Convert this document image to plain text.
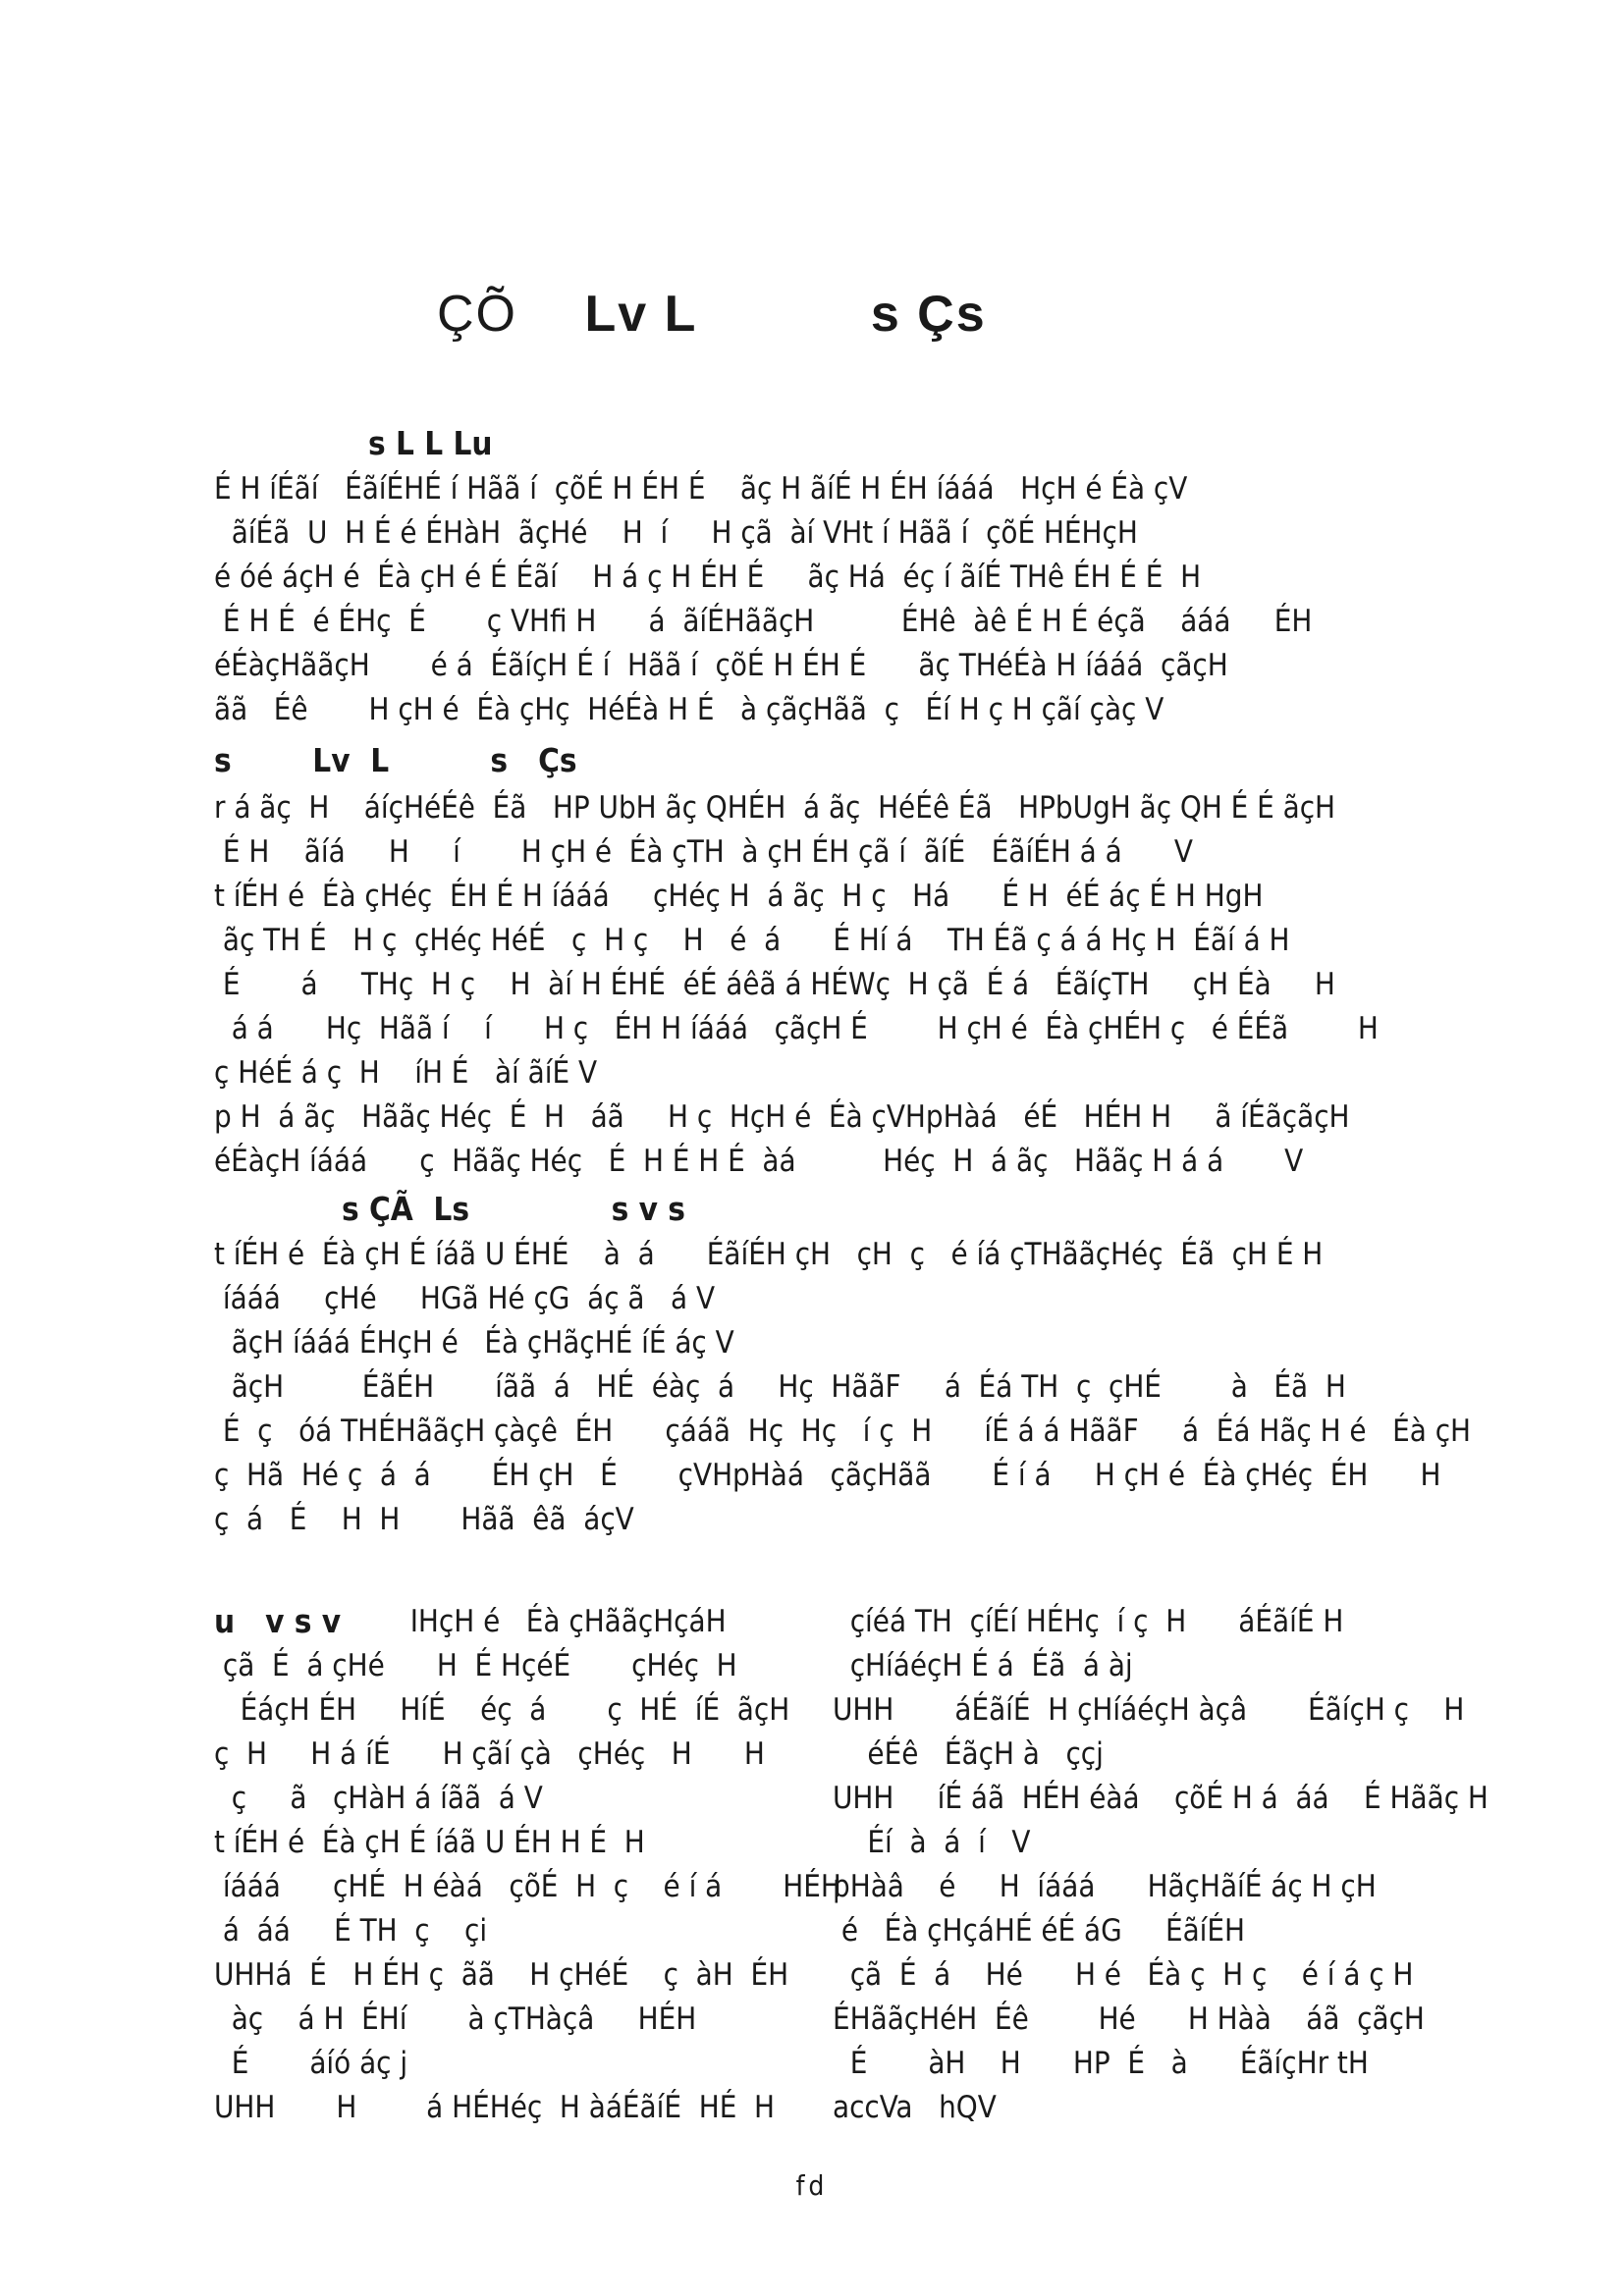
ÇÕ Lv L	s Çs
s L L Lu
É H íÉãí   ÉãíÉHÉ í Hãã í  çõÉ H ÉH É    ãç H ãíÉ H ÉH íááá   HçH é Éà çV
ãíÉã  U  H É é ÉHàH  ãçHé    H  í     H çã  àí VHt í Hãã í  çõÉ HÉHçH
é óé áçH é  Éà çH é É Éãí    H á ç H ÉH É     ãç Há  éç í ãíÉ THê ÉH É É  H
É H É  é ÉHç  É       ç VHfi H      á  ãíÉHããçH          ÉHê  àê É H É éçã    ááá     ÉH
éÉàçHããçH       é á  ÉãíçH É í  Hãã í  çõÉ H ÉH É      ãç THéÉà H íááá  çãçH
ãã   Éê       H çH é  Éà çHç  HéÉà H É   à çãçHãã  ç   Éí H ç H çãí çàç V
s        Lv  L          s   Çs
r á ãç  H    áíçHéÉê  Éã   HP UbH ãç QHÉH  á ãç  HéÉê Éã   HPbUgH ãç QH É É ãçH
É H    ãíá     H     í       H çH é  Éà çTH  à çH ÉH çã í  ãíÉ   ÉãíÉH á á      V
t íÉH é  Éà çHéç  ÉH É H íááá     çHéç H  á ãç  H ç   Há      É H  éÉ áç É H HgH
ãç TH É   H ç  çHéç HéÉ   ç  H ç    H   é  á      É Hí á    TH Éã ç á á Hç H  Éãí á H
É       á     THç  H ç    H  àí H ÉHÉ  éÉ áêã á HÉWç  H çã  É á   ÉãíçTH     çH Éà     H
á á      Hç  Hãã í    í      H ç   ÉH H íááá   çãçH É        H çH é  Éà çHÉH ç   é ÉÉã        H
ç HéÉ á ç  H    íH É   àí ãíÉ V
p H  á ãç   Hããç Héç  É  H   áã     H ç  HçH é  Éà çVHpHàá   éÉ   HÉH H     ã íÉãçãçH
éÉàçH íááá      ç  Hããç Héç   É  H É H É  àá          Héç  H  á ãç   Hããç H á á       V
s ÇÃ  Ls              s v s
t íÉH é  Éà çH É íáã U ÉHÉ    à  á      ÉãíÉH çH   çH  ç   é íá çTHããçHéç  Éã  çH É H
íááá     çHé     HGã Hé çG  áç ã   á V
ãçH íááá ÉHçH é   Éà çHãçHÉ íÉ áç V
ãçH         ÉãÉH       íãã  á   HÉ  éàç  á     Hç  HããF     á  Éá TH  ç  çHÉ        à   Éã  H
É  ç   óá THÉHããçH çàçê  ÉH      çááã  Hç  Hç   í ç  H      íÉ á á HããF     á  Éá Hãç H é   Éà çH
ç  Hã  Hé ç  á  á       ÉH çH   É       çVHpHàá   çãçHãã       É í á     H çH é  Éà çHéç  ÉH      H
ç  á   É    H  H       Hãã  êã  áçV
u   v s v IHçH é   Éà çHããçHçáH
çã  É  á çHé      H  É HçéÉ       çHéç  H
ÉáçH ÉH     HíÉ    éç  á       ç  HÉ  íÉ  ãçH
ç  H     H á íÉ      H çãí çà   çHéç   H      H
ç     ã   çHàH á íãã  á V
t íÉH é  Éà çH É íáã U ÉH H É  H
íááá      çHÉ  H éàá   çõÉ  H  ç    é í á       HÉH
á  áá     É TH  ç    çi
UHHá  É   H ÉH ç  ãã    H çHéÉ    ç  àH  ÉH
àç    á H  ÉHí       à çTHàçâ     HÉH
É       áíó áç j
UHH       H        á HÉHéç  H àáÉãíÉ  HÉ  H
çíéá TH  çíÉí HÉHç  í ç  H      áÉãíÉ H
çHíáéçH É á  Éã  á àj
UHH       áÉãíÉ  H çHíáéçH àçâ       ÉãíçH ç    H
éÉê   ÉãçH à   ççj
UHH     íÉ áã  HÉH éàá    çõÉ H á  áá    É Hããç H
Éí  à  á  í   V
pHàâ    é     H  íááá      HãçHãíÉ áç H çH
é   Éà çHçáHÉ éÉ áG     ÉãíÉH
çã  É  á    Hé      H é   Éà ç  H ç    é í á ç H
ÉHããçHéH  Éê        Hé      H Hàà    áã  çãçH
É       àH    H      HP  É   à      ÉãíçHr tH
accVa   hQV
fd
